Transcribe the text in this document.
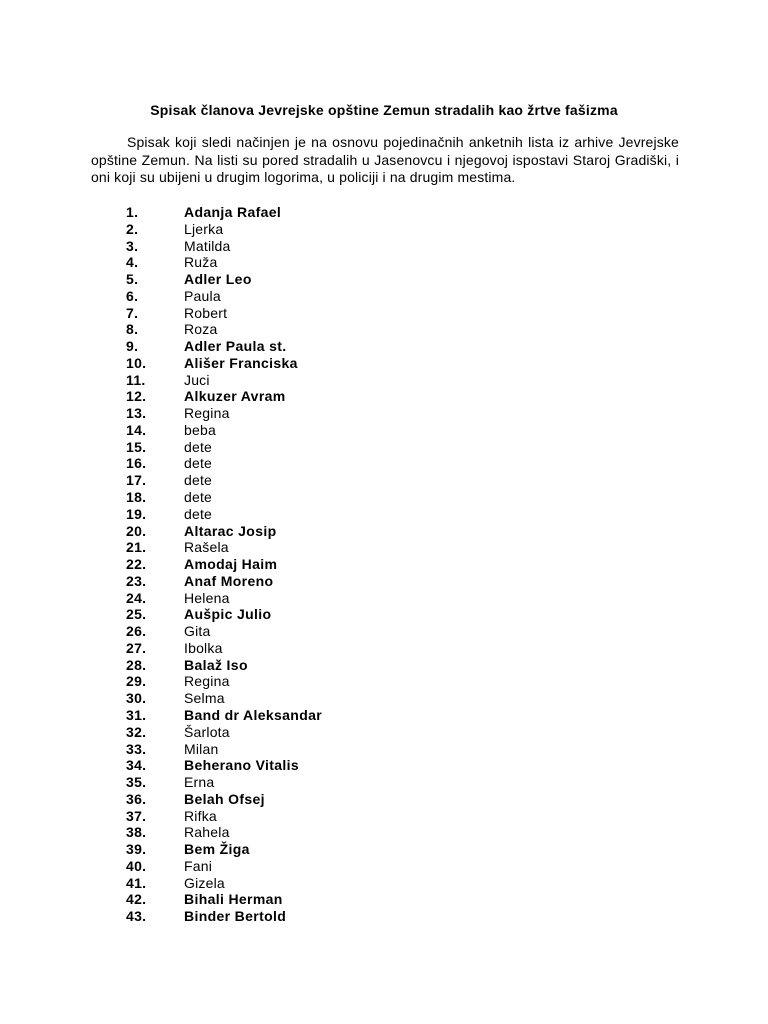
Spisak članova Jevrejske opštine Zemun stradalih kao žrtve fašizma
Spisak koji sledi načinjen je na osnovu pojedinačnih anketnih lista iz arhive Jevrejske opštine Zemun. Na listi su pored stradalih u Jasenovcu i njegovoj ispostavi Staroj Gradiški, i oni koji su ubijeni u drugim logorima, u policiji i na drugim mestima.
1.	Adanja Rafael
2.	Ljerka
3.	Matilda
4.	Ruža
5.	Adler Leo
6.	Paula
7.	Robert
8.	Roza
9.	Adler Paula st.
10.	Ališer Franciska
11.	Juci
12.	Alkuzer Avram
13.	Regina
14.	beba
15.	dete
16.	dete
17.	dete
18.	dete
19.	dete
20.	Altarac Josip
21.	Rašela
22.	Amodaj Haim
23.	Anaf Moreno
24.	Helena
25.	Aušpic Julio
26.	Gita
27.	Ibolka
28.	Balaž Iso
29.	Regina
30.	Selma
31.	Band dr Aleksandar
32.	Šarlota
33.	Milan
34.	Beherano Vitalis
35.	Erna
36.	Belah Ofsej
37.	Rifka
38.	Rahela
39.	Bem Žiga
40.	Fani
41.	Gizela
42.	Bihali Herman
43.	Binder Bertold
